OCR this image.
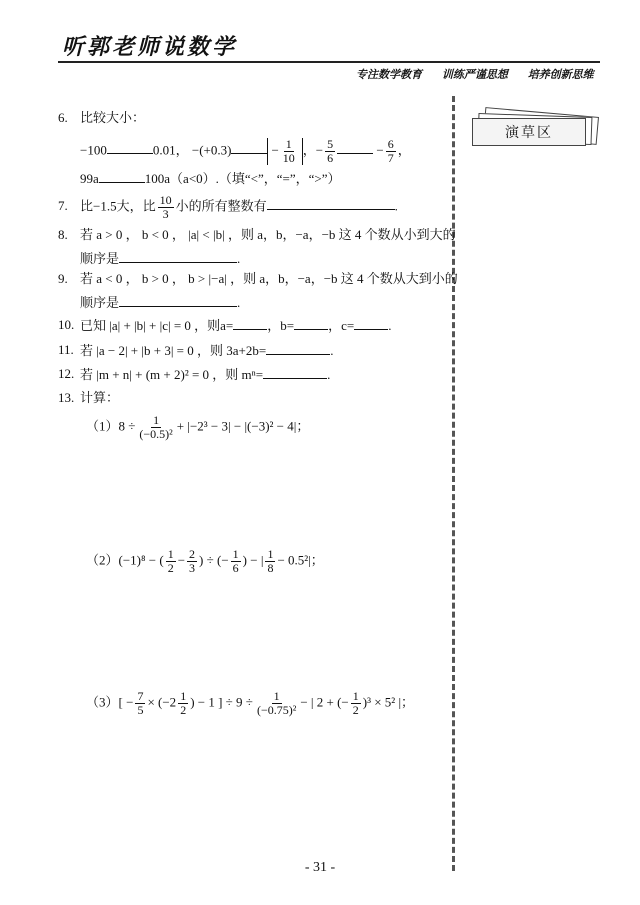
听郭老师说数学
专注数学教育 训练严谨思想 培养创新思维
演草区
6. 比较大小：
−100	0.01， −(+0.3)	− $\frac{1}{10}$ ，− $\frac{5}{6}$	− $\frac{6}{7}$ ，
99a	100a（a<0）.（填“<”，“=”，“>”）
7. 比−1.5大，比 $\frac{10}{3}$ 小的所有整数有	.
8. 若 a > 0 ， b < 0 ， |a| < |b| ，则 a，b，−a，−b 这 4 个数从小到大的
顺序是	.
9. 若 a < 0 ， b > 0 ， b > |−a| ，则 a，b，−a，−b 这 4 个数从大到小的
顺序是	.
10. 已知 |a| + |b| + |c| = 0 ，则a=	，b=	，c=	.
11. 若 |a − 2| + |b + 3| = 0 ，则 3a+2b=	.
12. 若 |m + n| + (m + 2)² = 0 ，则 mⁿ=	.
13. 计算：
$(1)8 \div \frac{1}{\text{(−0.5)²}} + |-2^3 - 3| - |(-3)^2 - 4|$；
（2）(−1)⁸ − ( $\frac{1}{2} - \frac{2}{3}$ ) ÷ (− $\frac{1}{6}$ ) − | $\frac{1}{8} - 0.5^2|$；
$(3)[ - \frac{7}{5} \times (-2 \frac{1}{2}$ ) − 1 ] ÷ $9 \div \frac{1}{\text{(−0.75)²}}$ − | 2 + (− $\frac{1}{2} )^3 \times 5^2$ |；
- 31 -
